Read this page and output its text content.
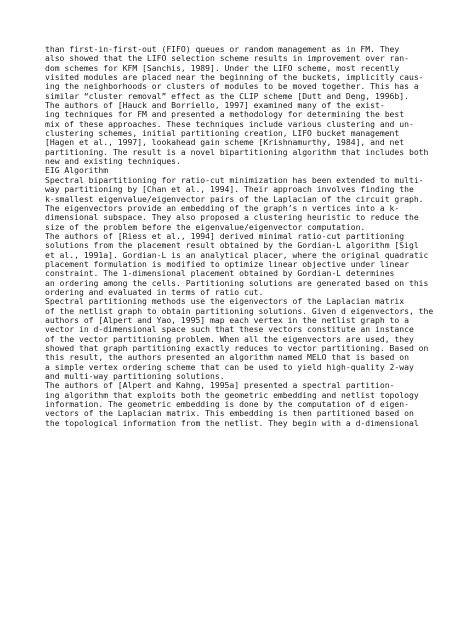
than first-in-first-out (FIFO) queues or random management as in FM. They
also showed that the LIFO selection scheme results in improvement over ran-
dom schemes for KFM [Sanchis, 1989]. Under the LIFO scheme, most recently
visited modules are placed near the beginning of the buckets, implicitly caus-
ing the neighborhoods or clusters of modules to be moved together. This has a
similar “cluster removal” effect as the CLIP scheme [Dutt and Deng, 1996b].
The authors of [Hauck and Borriello, 1997] examined many of the exist-
ing techniques for FM and presented a methodology for determining the best
mix of these approaches. These techniques include various clustering and un-
clustering schemes, initial partitioning creation, LIFO bucket management
[Hagen et al., 1997], lookahead gain scheme [Krishnamurthy, 1984], and net
partitioning. The result is a novel bipartitioning algorithm that includes both
new and existing techniques.
EIG Algorithm
Spectral bipartitioning for ratio-cut minimization has been extended to multi-
way partitioning by [Chan et al., 1994]. Their approach involves finding the
k-smallest eigenvalue/eigenvector pairs of the Laplacian of the circuit graph.
The eigenvectors provide an embedding of the graph’s n vertices into a k-
dimensional subspace. They also proposed a clustering heuristic to reduce the
size of the problem before the eigenvalue/eigenvector computation.
The authors of [Riess et al., 1994] derived minimal ratio-cut partitioning
solutions from the placement result obtained by the Gordian-L algorithm [Sigl
et al., 1991a]. Gordian-L is an analytical placer, where the original quadratic
placement formulation is modified to optimize linear objective under linear
constraint. The 1-dimensional placement obtained by Gordian-L determines
an ordering among the cells. Partitioning solutions are generated based on this
ordering and evaluated in terms of ratio cut.
Spectral partitioning methods use the eigenvectors of the Laplacian matrix
of the netlist graph to obtain partitioning solutions. Given d eigenvectors, the
authors of [Alpert and Yao, 1995] map each vertex in the netlist graph to a
vector in d-dimensional space such that these vectors constitute an instance
of the vector partitioning problem. When all the eigenvectors are used, they
showed that graph partitioning exactly reduces to vector partitioning. Based on
this result, the authors presented an algorithm named MELO that is based on
a simple vertex ordering scheme that can be used to yield high-quality 2-way
and multi-way partitioning solutions.
The authors of [Alpert and Kahng, 1995a] presented a spectral partition-
ing algorithm that exploits both the geometric embedding and netlist topology
information. The geometric embedding is done by the computation of d eigen-
vectors of the Laplacian matrix. This embedding is then partitioned based on
the topological information from the netlist. They begin with a d-dimensional
